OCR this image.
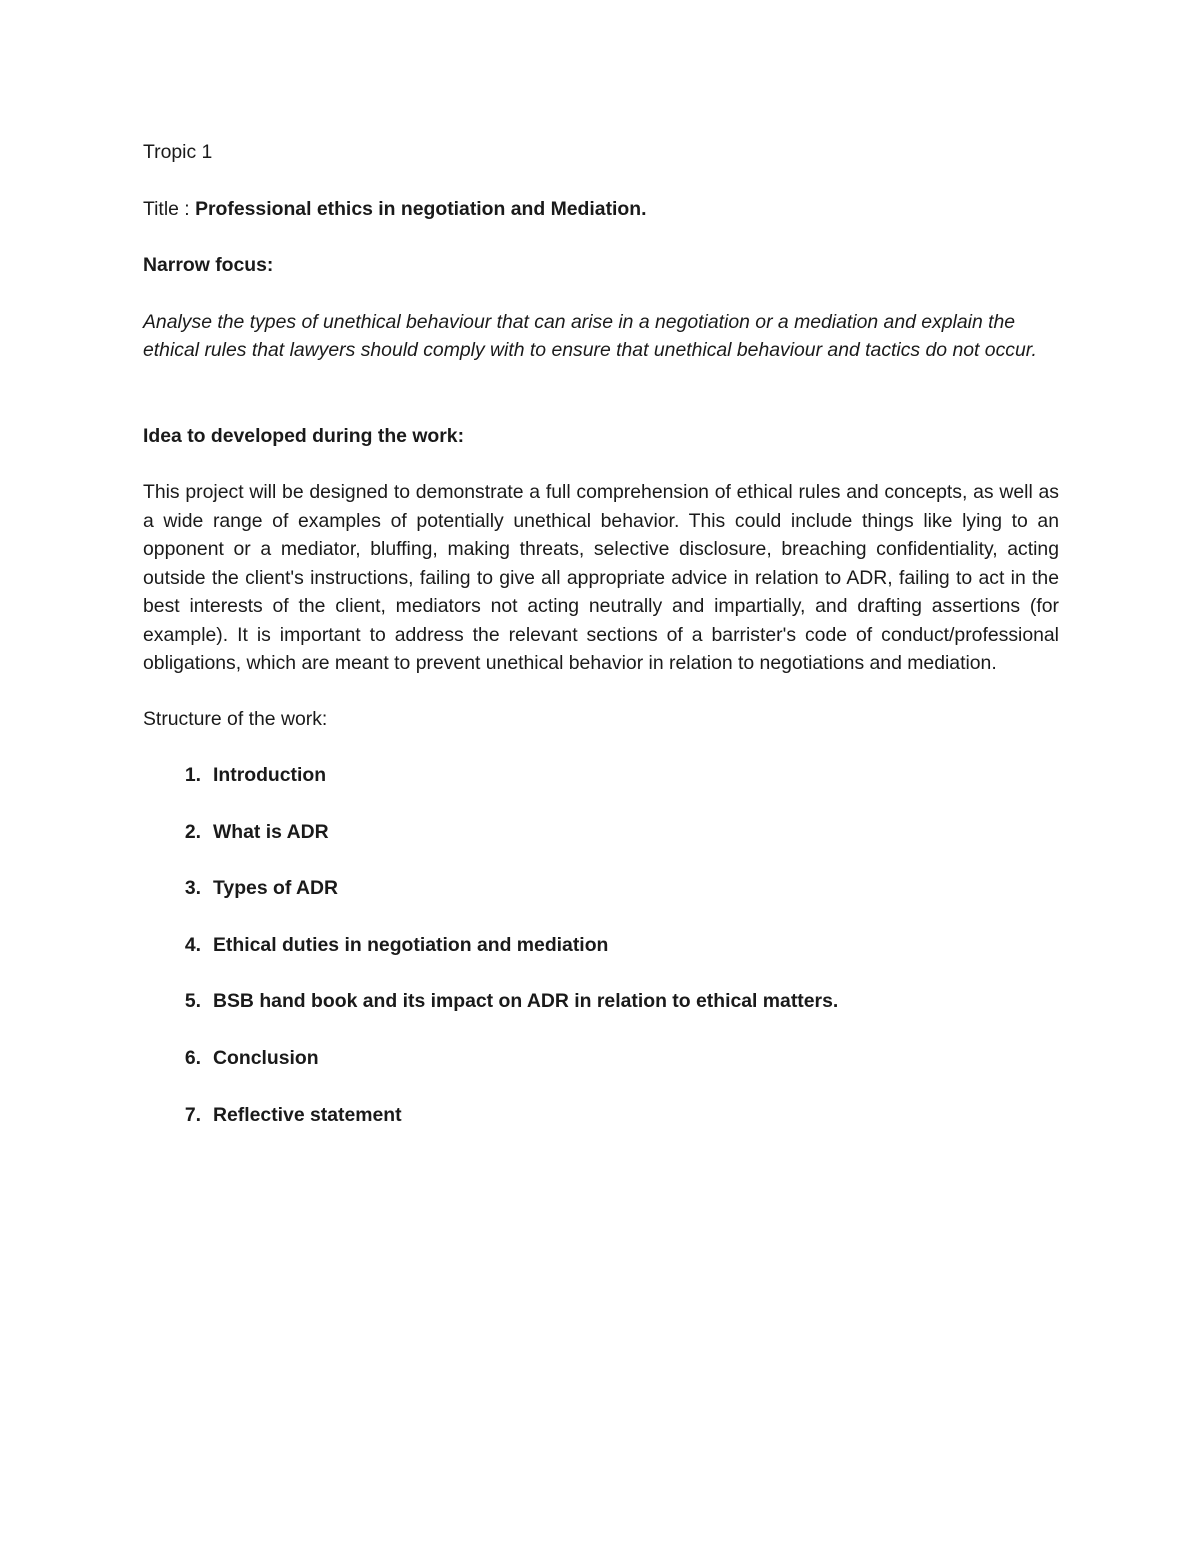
Tropic 1

Title : Professional ethics in negotiation and Mediation.

Narrow focus:

Analyse the types of unethical behaviour that can arise in a negotiation or a mediation and explain the ethical rules that lawyers should comply with to ensure that unethical behaviour and tactics do not occur.

Idea to developed during the work:

This project will be designed to demonstrate a full comprehension of ethical rules and concepts, as well as a wide range of examples of potentially unethical behavior. This could include things like lying to an opponent or a mediator, bluffing, making threats, selective disclosure, breaching confidentiality, acting outside the client's instructions, failing to give all appropriate advice in relation to ADR, failing to act in the best interests of the client, mediators not acting neutrally and impartially, and drafting assertions (for example). It is important to address the relevant sections of a barrister's code of conduct/professional obligations, which are meant to prevent unethical behavior in relation to negotiations and mediation.

Structure of the work:

1. Introduction
2. What is ADR
3. Types of ADR
4. Ethical duties in negotiation and mediation
5. BSB hand book and its impact on ADR in relation to ethical matters.
6. Conclusion
7. Reflective statement
